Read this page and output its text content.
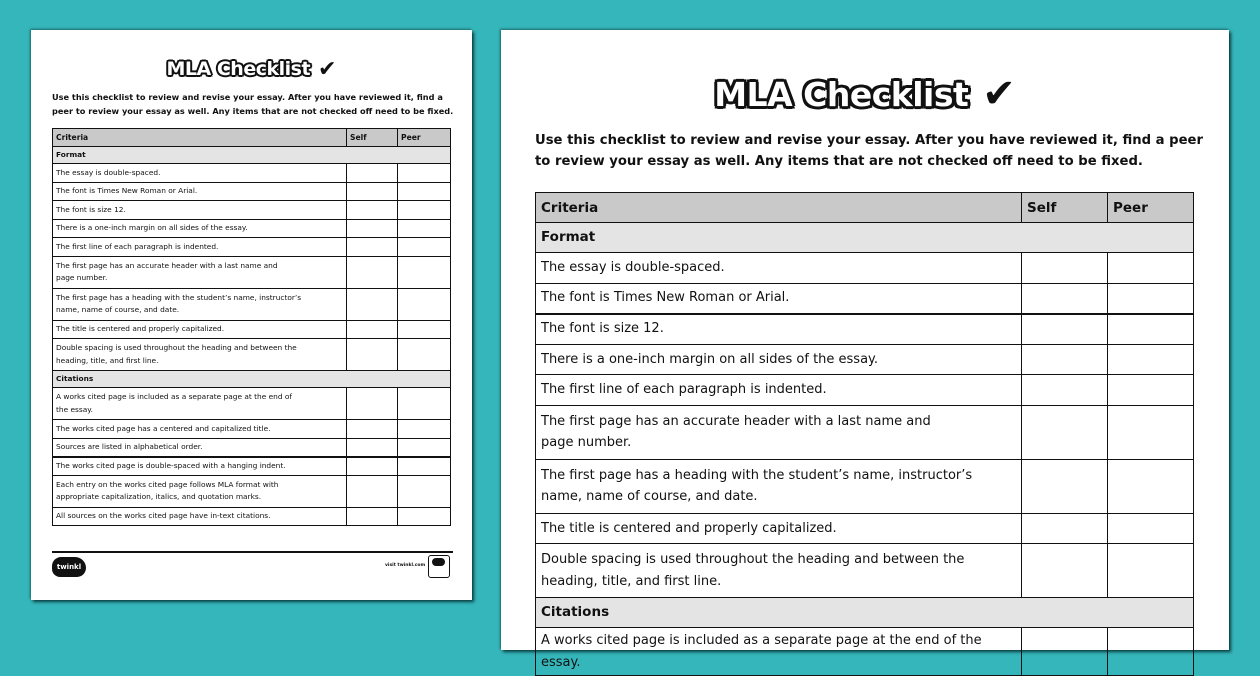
MLA Checklist ✔
Use this checklist to review and revise your essay. After you have reviewed it, find a peer to review your essay as well. Any items that are not checked off need to be fixed.
Criteria	Self	Peer
Format		
The essay is double-spaced.		
The font is Times New Roman or Arial.		
The font is size 12.		
There is a one-inch margin on all sides of the essay.		
The first line of each paragraph is indented.		

The first page has an accurate header with a last name and
page number.		

The first page has a heading with the student’s name, instructor’s
name, name of course, and date.		

The title is centered and properly capitalized.		

Double spacing is used throughout the heading and between the
heading, title, and first line.		

Citations		

A works cited page is included as a separate page at the end of
the essay.		

The works cited page has a centered and capitalized title.		
Sources are listed in alphabetical order.		
The works cited page is double-spaced with a hanging indent.		

Each entry on the works cited page follows MLA format with
appropriate capitalization, italics, and quotation marks.		

All sources on the works cited page have in-text citations.		
twinkl	visit twinkl.com
MLA Checklist ✔
Use this checklist to review and revise your essay. After you have reviewed it, find a peer to review your essay as well. Any items that are not checked off need to be fixed.
Criteria	Self	Peer
Format		
The essay is double-spaced.		
The font is Times New Roman or Arial.		
The font is size 12.		
There is a one-inch margin on all sides of the essay.		
The first line of each paragraph is indented.		

The first page has an accurate header with a last name and
page number.		

The first page has a heading with the student’s name, instructor’s
name, name of course, and date.		

The title is centered and properly capitalized.		

Double spacing is used throughout the heading and between the
heading, title, and first line.		

Citations		
A works cited page is included as a separate page at the end of the essay.		
